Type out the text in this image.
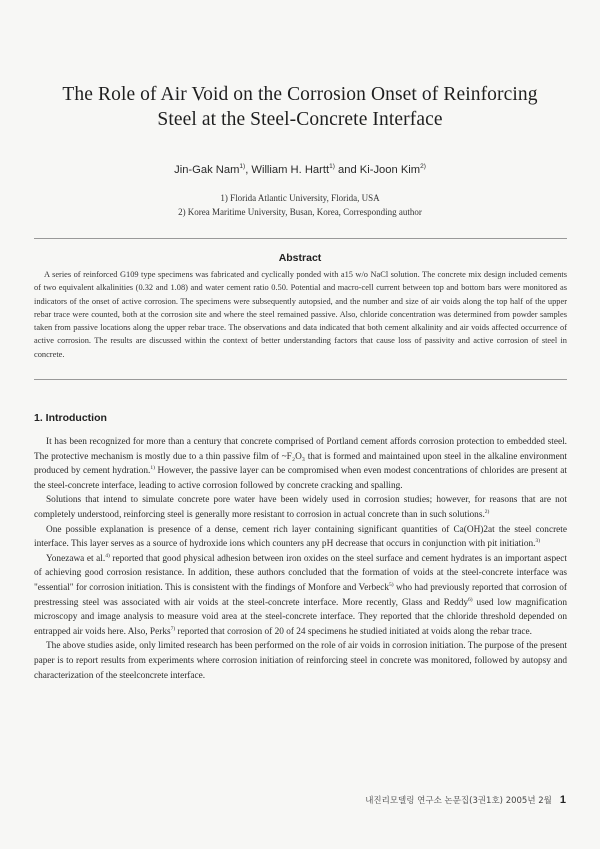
The Role of Air Void on the Corrosion Onset of Reinforcing
Steel at the Steel-Concrete Interface
Jin-Gak Nam$^{1)}$, William H. Hartt$^{1)}$ and Ki-Joon Kim$^{2)}$
1) Florida Atlantic University, Florida, USA
2) Korea Maritime University, Busan, Korea, Corresponding author
Abstract
A series of reinforced G109 type specimens was fabricated and cyclically ponded with a15 w/o NaCl solution. The concrete mix design included cements of two equivalent alkalinities (0.32 and 1.08) and water cement ratio 0.50. Potential and macro-cell current between top and bottom bars were monitored as indicators of the onset of active corrosion. The specimens were subsequently autopsied, and the number and size of air voids along the top half of the upper rebar trace were counted, both at the corrosion site and where the steel remained passive. Also, chloride concentration was determined from powder samples taken from passive locations along the upper rebar trace. The observations and data indicated that both cement alkalinity and air voids affected occurrence of active corrosion. The results are discussed within the context of better understanding factors that cause loss of passivity and active corrosion of steel in concrete.
1. Introduction

It has been recognized for more than a century that concrete comprised of Portland cement affords corrosion protection to embedded steel. The protective mechanism is mostly due to a thin passive film of ~F₂O₃ that is formed and maintained upon steel in the alkaline environment produced by cement hydration.$^{1)}$ However, the passive layer can be compromised when even modest concentrations of chlorides are present at the steel-concrete interface, leading to active corrosion followed by concrete cracking and spalling.

Solutions that intend to simulate concrete pore water have been widely used in corrosion studies; however, for reasons that are not completely understood, reinforcing steel is generally more resistant to corrosion in actual concrete than in such solutions.$^{2)}$

One possible explanation is presence of a dense, cement rich layer containing significant quantities of Ca(OH)2at the steel concrete interface. This layer serves as a source of hydroxide ions which counters any pH decrease that occurs in conjunction with pit initiation.$^{3)}$

Yonezawa et al.$^{4)}$ reported that good physical adhesion between iron oxides on the steel surface and cement hydrates is an important aspect of achieving good corrosion resistance. In addition, these authors concluded that the formation of voids at the steel-concrete interface was "essential" for corrosion initiation. This is consistent with the findings of Monfore and Verbeck$^{5)}$ who had previously reported that corrosion of prestressing steel was associated with air voids at the steel-concrete interface. More recently, Glass and Reddy$^{6)}$ used low magnification microscopy and image analysis to measure void area at the steel-concrete interface. They reported that the chloride threshold depended on entrapped air voids here. Also, Perks$^{7)}$ reported that corrosion of 20 of 24 specimens he studied initiated at voids along the rebar trace.

The above studies aside, only limited research has been performed on the role of air voids in corrosion initiation. The purpose of the present paper is to report results from experiments where corrosion initiation of reinforcing steel in concrete was monitored, followed by autopsy and characterization of the steelconcrete interface.

내진리모델링 연구소 논문집(3권1호) 2005년 2월 1
